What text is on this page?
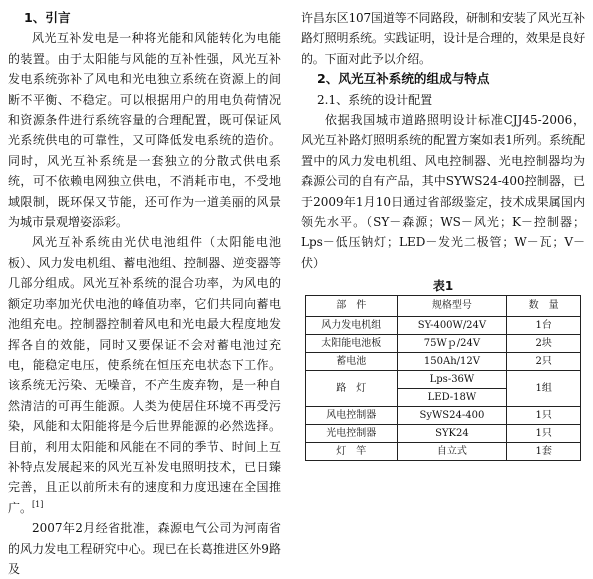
1、引言

风光互补发电是一种将光能和风能转化为电能的装置。由于太阳能与风能的互补性强，风光互补发电系统弥补了风电和光电独立系统在资源上的间断不平衡、不稳定。可以根据用户的用电负荷情况和资源条件进行系统容量的合理配置，既可保证风光系统供电的可靠性，又可降低发电系统的造价。同时，风光互补系统是一套独立的分散式供电系统，可不依赖电网独立供电，不消耗市电，不受地域限制，既环保又节能，还可作为一道美丽的风景为城市景观增姿添彩。

风光互补系统由光伏电池组件（太阳能电池板）、风力发电机组、蓄电池组、控制器、逆变器等几部分组成。风光互补系统的混合功率，为风电的额定功率加光伏电池的峰值功率，它们共同向蓄电池组充电。控制器控制着风电和光电最大程度地发挥各自的效能，同时又要保证不会对蓄电池过充电，能稳定电压，使系统在恒压充电状态下工作。该系统无污染、无噪音，不产生废弃物，是一种自然清洁的可再生能源。人类为使居住环境不再受污染，风能和太阳能将是今后世界能源的必然选择。目前，利用太阳能和风能在不同的季节、时间上互补特点发展起来的风光互补发电照明技术，已日臻完善，且正以前所未有的速度和力度迅速在全国推广。[1]

2007年2月经省批准，森源电气公司为河南省的风力发电工程研究中心。现已在长葛推进区外9路及

许昌东区107国道等不同路段，研制和安装了风光互补路灯照明系统。实践证明，设计是合理的，效果是良好的。下面对此予以介绍。

2、风光互补系统的组成与特点
2.1、系统的设计配置

依据我国城市道路照明设计标准CJJ45-2006，风光互补路灯照明系统的配置方案如表1所列。系统配置中的风力发电机组、风电控制器、光电控制器均为森源公司的自有产品，其中SYWS24-400控制器，已于2009年1月10日通过省部级鉴定，技术成果属国内领先水平。（SY－森源；WS－风光；K－控制器；Lps－低压钠灯；LED－发光二极管；W－瓦；V－伏）

表1
部　件	规格型号	数　量
风力发电机组	SY-400W/24V	1台
太阳能电池板	75Wｐ/24V	2块
蓄电池	150Ah/12V	2只
路　灯	Lps-36W	1组
	LED-18W	
风电控制器	SyWS24-400	1只
光电控制器	SYK24	1只
灯　竿	自立式	1套
